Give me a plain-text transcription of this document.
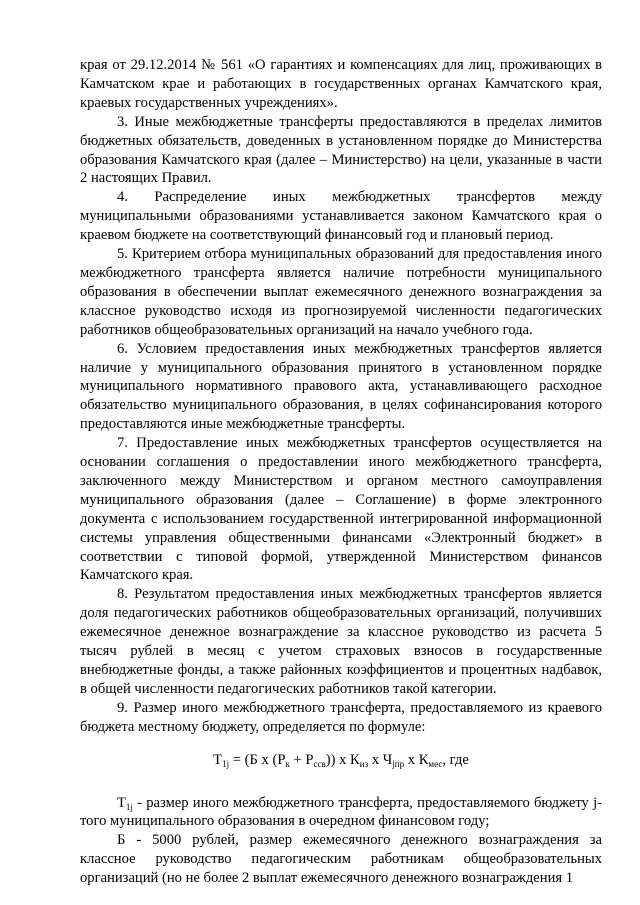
края от 29.12.2014 № 561 «О гарантиях и компенсациях для лиц, проживающих в Камчатском крае и работающих в государственных органах Камчатского края, краевых государственных учреждениях».

3. Иные межбюджетные трансферты предоставляются в пределах лимитов бюджетных обязательств, доведенных в установленном порядке до Министерства образования Камчатского края (далее – Министерство) на цели, указанные в части 2 настоящих Правил.

4. Распределение иных межбюджетных трансфертов между муниципальными образованиями устанавливается законом Камчатского края о краевом бюджете на соответствующий финансовый год и плановый период.

5. Критерием отбора муниципальных образований для предоставления иного межбюджетного трансферта является наличие потребности муниципального образования в обеспечении выплат ежемесячного денежного вознаграждения за классное руководство исходя из прогнозируемой численности педагогических работников общеобразовательных организаций на начало учебного года.

6. Условием предоставления иных межбюджетных трансфертов является наличие у муниципального образования принятого в установленном порядке муниципального нормативного правового акта, устанавливающего расходное обязательство муниципального образования, в целях софинансирования которого предоставляются иные межбюджетные трансферты.

7. Предоставление иных межбюджетных трансфертов осуществляется на основании соглашения о предоставлении иного межбюджетного трансферта, заключенного между Министерством и органом местного самоуправления муниципального образования (далее – Соглашение) в форме электронного документа с использованием государственной интегрированной информационной системы управления общественными финансами «Электронный бюджет» в соответствии с типовой формой, утвержденной Министерством финансов Камчатского края.

8. Результатом предоставления иных межбюджетных трансфертов является доля педагогических работников общеобразовательных организаций, получивших ежемесячное денежное вознаграждение за классное руководство из расчета 5 тысяч рублей в месяц с учетом страховых взносов в государственные внебюджетные фонды, а также районных коэффициентов и процентных надбавок, в общей численности педагогических работников такой категории.

9. Размер иного межбюджетного трансферта, предоставляемого из краевого бюджета местному бюджету, определяется по формуле:

$Т_{1j} = (Б$ х $(Р_к + Р_{ссв})$) х $К_{из}$ х $Ч_{jпр}$ х $К_{мес}$, где

$Т_{1j}$ - размер иного межбюджетного трансферта, предоставляемого бюджету j-того муниципального образования в очередном финансовом году;

Б - 5000 рублей, размер ежемесячного денежного вознаграждения за классное руководство педагогическим работникам общеобразовательных организаций (но не более 2 выплат ежемесячного денежного вознаграждения 1
